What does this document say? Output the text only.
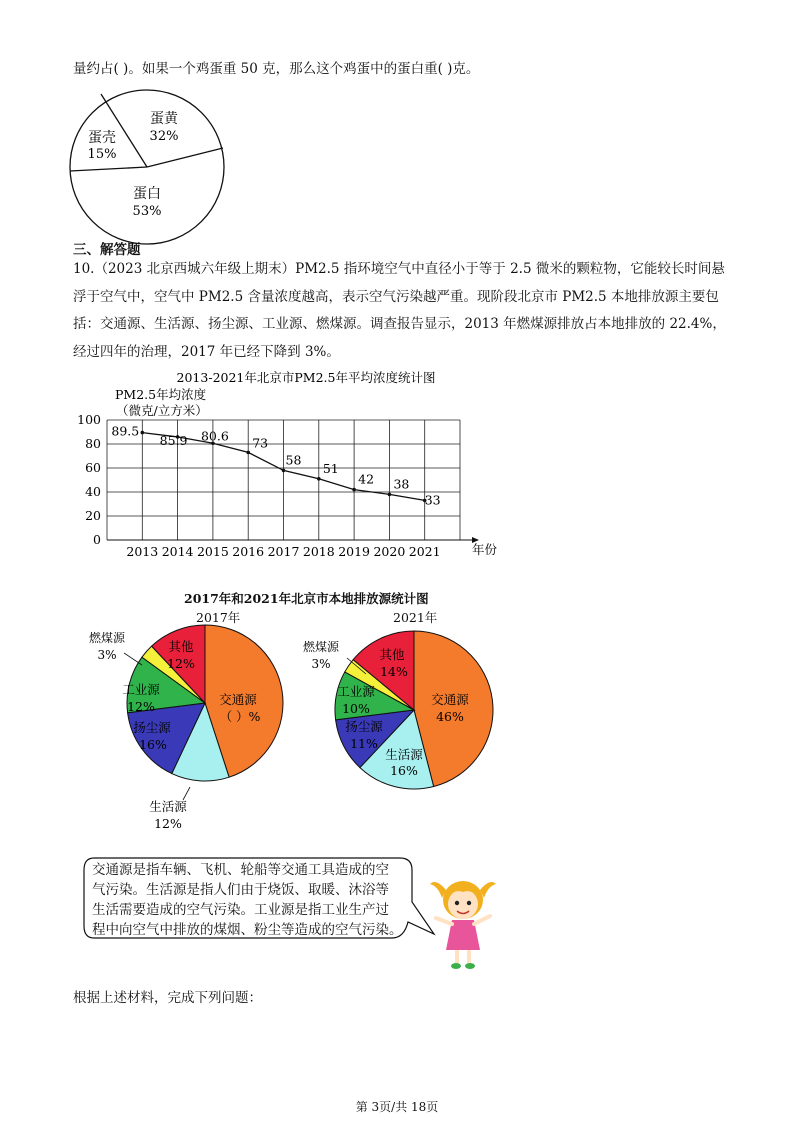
量约占( )。如果一个鸡蛋重 50 克，那么这个鸡蛋中的蛋白重( )克。
蛋黄
32%
蛋壳
15%
蛋白
53%
三、解答题
10.（2023 北京西城六年级上期末）PM2.5 指环境空气中直径小于等于 2.5 微米的颗粒物，它能较长时间悬
浮于空气中，空气中 PM2.5 含量浓度越高，表示空气污染越严重。现阶段北京市 PM2.5 本地排放源主要包
括：交通源、生活源、扬尘源、工业源、燃煤源。调查报告显示，2013 年燃煤源排放占本地排放的 22.4%，
经过四年的治理，2017 年已经下降到 3%。
2013-2021年北京市PM2.5年平均浓度统计图
PM2.5年均浓度
（微克/立方米）
0
20
40
60
80
100
2013 2014 2015 2016 2017 2018 2019 2020 2021
89.5
85.9 80.6 73
58
51
42 38
33
年份
2017年和2021年北京市本地排放源统计图
2017年	2021年
燃煤源
3%
其他
12%
工业源
12%	交通源
（ ）%
扬尘源
16%
生活源
12%
燃煤源
3%
其他
14%
工业源
10%
交通源
46%
扬尘源
11%
生活源
16%
交通源是指车辆、飞机、轮船等交通工具造成的空
气污染。生活源是指人们由于烧饭、取暖、沐浴等
生活需要造成的空气污染。工业源是指工业生产过
程中向空气中排放的煤烟、粉尘等造成的空气污染。
根据上述材料，完成下列问题：
第 3页/共 18页
